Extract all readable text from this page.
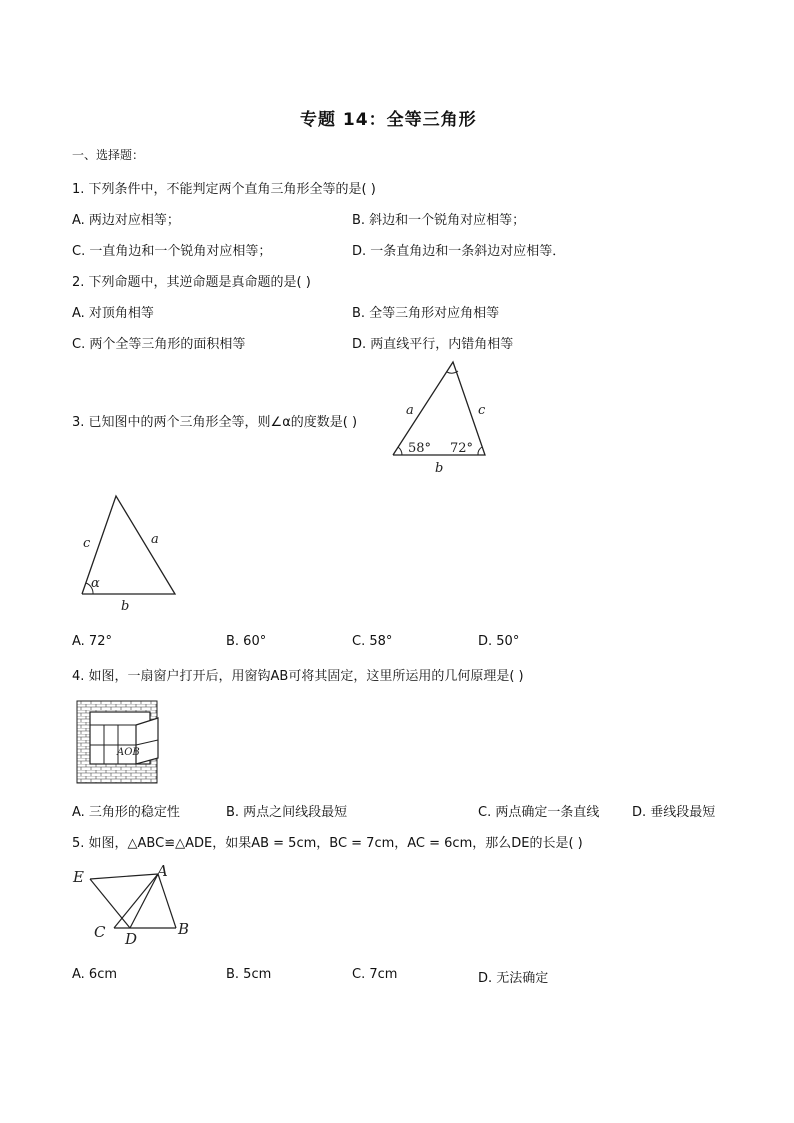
专题 14：全等三角形
一、选择题：
1. 下列条件中，不能判定两个直角三角形全等的是( )
A. 两边对应相等；	B. 斜边和一个锐角对应相等；
C. 一直角边和一个锐角对应相等；	D. 一条直角边和一条斜边对应相等．
2. 下列命题中，其逆命题是真命题的是( )
A. 对顶角相等	B. 全等三角形对应角相等
C. 两个全等三角形的面积相等	D. 两直线平行，内错角相等
3. 已知图中的两个三角形全等，则∠α的度数是( )
a	c
b
58° 72°
c	a
b
α
A. 72°	B. 60°	C. 58°	D. 50°
4. 如图，一扇窗户打开后，用窗钩AB可将其固定，这里所运用的几何原理是( )
AOB
A. 三角形的稳定性	B. 两点之间线段最短	C. 两点确定一条直线	D. 垂线段最短
5. 如图，△ABC≌△ADE，如果AB = 5cm，BC = 7cm，AC = 6cm，那么DE的长是( )
E	A
C D
B
A. 6cm	B. 5cm	C. 7cm	D. 无法确定
